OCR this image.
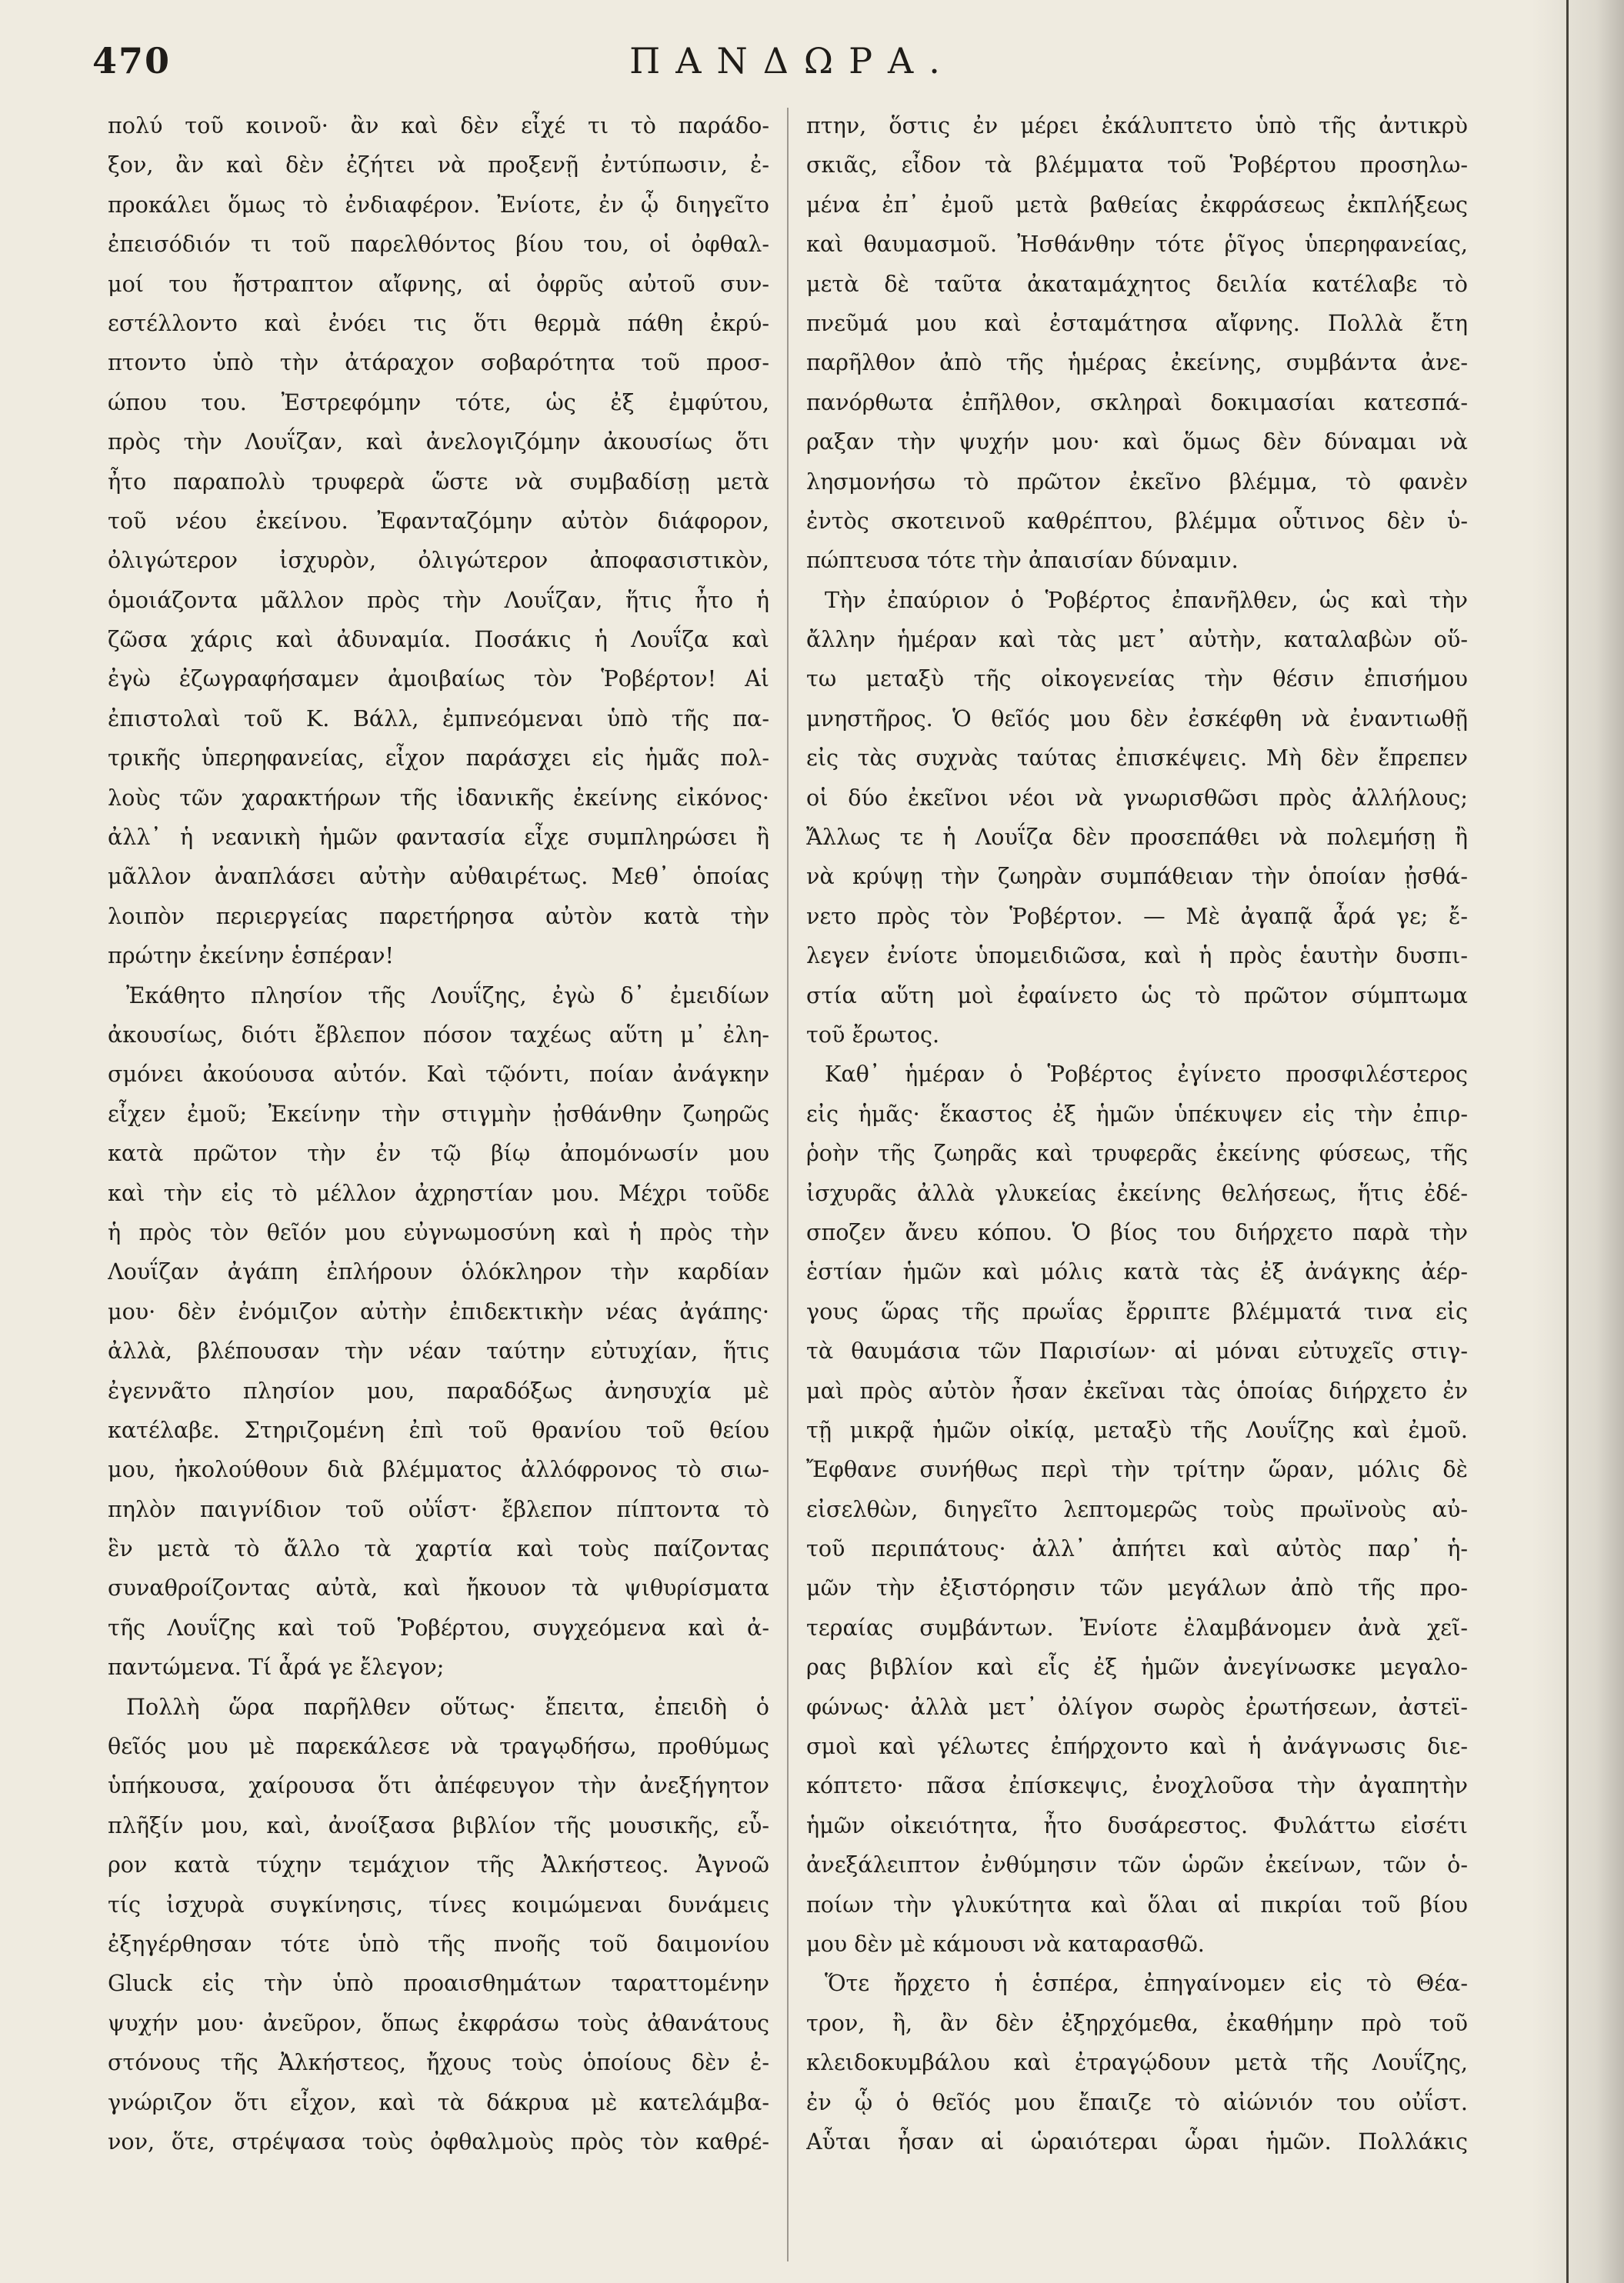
470	ΠΑΝΔΩΡΑ.
πολύ τοῦ κοινοῦ· ἂν καὶ δὲν εἶχέ τι τὸ παράδο-
ξον, ἂν καὶ δὲν ἐζήτει νὰ προξενῇ ἐντύπωσιν, ἐ-
προκάλει ὅμως τὸ ἐνδιαφέρον. Ἐνίοτε, ἐν ᾧ διηγεῖτο
ἐπεισόδιόν τι τοῦ παρελθόντος βίου του, οἱ ὀφθαλ-
μοί του ἤστραπτον αἴφνης, αἱ ὀφρῦς αὐτοῦ συν-
εστέλλοντο καὶ ἐνόει τις ὅτι θερμὰ πάθη ἐκρύ-
πτοντο ὑπὸ τὴν ἀτάραχον σοβαρότητα τοῦ προσ-
ώπου του. Ἐστρεφόμην τότε, ὡς ἐξ ἐμφύτου,
πρὸς τὴν Λουΐζαν, καὶ ἀνελογιζόμην ἀκουσίως ὅτι
ἦτο παραπολὺ τρυφερὰ ὥστε νὰ συμβαδίσῃ μετὰ
τοῦ νέου ἐκείνου. Ἐφανταζόμην αὐτὸν διάφορον,
ὀλιγώτερον ἰσχυρὸν, ὀλιγώτερον ἀποφασιστικὸν,
ὁμοιάζοντα μᾶλλον πρὸς τὴν Λουΐζαν, ἥτις ἦτο ἡ
ζῶσα χάρις καὶ ἀδυναμία. Ποσάκις ἡ Λουΐζα καὶ
ἐγὼ ἐζωγραφήσαμεν ἀμοιβαίως τὸν Ῥοβέρτον! Αἱ
ἐπιστολαὶ τοῦ Κ. Βάλλ, ἐμπνεόμεναι ὑπὸ τῆς πα-
τρικῆς ὑπερηφανείας, εἶχον παράσχει εἰς ἡμᾶς πολ-
λοὺς τῶν χαρακτήρων τῆς ἰδανικῆς ἐκείνης εἰκόνος·
ἀλλ᾽ ἡ νεανικὴ ἡμῶν φαντασία εἶχε συμπληρώσει ἢ
μᾶλλον ἀναπλάσει αὐτὴν αὐθαιρέτως. Μεθ᾽ ὁποίας
λοιπὸν περιεργείας παρετήρησα αὐτὸν κατὰ τὴν
πρώτην ἐκείνην ἑσπέραν!
Ἐκάθητο πλησίον τῆς Λουΐζης, ἐγὼ δ᾽ ἐμειδίων
ἀκουσίως, διότι ἔβλεπον πόσον ταχέως αὕτη μ᾽ ἐλη-
σμόνει ἀκούουσα αὐτόν. Καὶ τῷόντι, ποίαν ἀνάγκην
εἶχεν ἐμοῦ; Ἐκείνην τὴν στιγμὴν ᾐσθάνθην ζωηρῶς
κατὰ πρῶτον τὴν ἐν τῷ βίῳ ἀπομόνωσίν μου
καὶ τὴν εἰς τὸ μέλλον ἀχρηστίαν μου. Μέχρι τοῦδε
ἡ πρὸς τὸν θεῖόν μου εὐγνωμοσύνη καὶ ἡ πρὸς τὴν
Λουΐζαν ἀγάπη ἐπλήρουν ὁλόκληρον τὴν καρδίαν
μου· δὲν ἐνόμιζον αὐτὴν ἐπιδεκτικὴν νέας ἀγάπης·
ἀλλὰ, βλέπουσαν τὴν νέαν ταύτην εὐτυχίαν, ἥτις
ἐγεννᾶτο πλησίον μου, παραδόξως ἀνησυχία μὲ
κατέλαβε. Στηριζομένη ἐπὶ τοῦ θρανίου τοῦ θείου
μου, ἠκολούθουν διὰ βλέμματος ἀλλόφρονος τὸ σιω-
πηλὸν παιγνίδιον τοῦ οὐΐστ· ἔβλεπον πίπτοντα τὸ
ἓν μετὰ τὸ ἄλλο τὰ χαρτία καὶ τοὺς παίζοντας
συναθροίζοντας αὐτὰ, καὶ ἤκουον τὰ ψιθυρίσματα
τῆς Λουΐζης καὶ τοῦ Ῥοβέρτου, συγχεόμενα καὶ ἀ-
παντώμενα. Τί ἆρά γε ἔλεγον;
Πολλὴ ὥρα παρῆλθεν οὕτως· ἔπειτα, ἐπειδὴ ὁ
θεῖός μου μὲ παρεκάλεσε νὰ τραγῳδήσω, προθύμως
ὑπήκουσα, χαίρουσα ὅτι ἀπέφευγον τὴν ἀνεξήγητον
πλῆξίν μου, καὶ, ἀνοίξασα βιβλίον τῆς μουσικῆς, εὗ-
ρον κατὰ τύχην τεμάχιον τῆς Ἀλκήστεος. Ἀγνοῶ
τίς ἰσχυρὰ συγκίνησις, τίνες κοιμώμεναι δυνάμεις
ἐξηγέρθησαν τότε ὑπὸ τῆς πνοῆς τοῦ δαιμονίου
Gluck εἰς τὴν ὑπὸ προαισθημάτων ταραττομένην
ψυχήν μου· ἀνεῦρον, ὅπως ἐκφράσω τοὺς ἀθανάτους
στόνους τῆς Ἀλκήστεος, ἤχους τοὺς ὁποίους δὲν ἐ-
γνώριζον ὅτι εἶχον, καὶ τὰ δάκρυα μὲ κατελάμβα-
νον, ὅτε, στρέψασα τοὺς ὀφθαλμοὺς πρὸς τὸν καθρέ-
πτην, ὅστις ἐν μέρει ἐκάλυπτετο ὑπὸ τῆς ἀντικρὺ
σκιᾶς, εἶδον τὰ βλέμματα τοῦ Ῥοβέρτου προσηλω-
μένα ἐπ᾽ ἐμοῦ μετὰ βαθείας ἐκφράσεως ἐκπλήξεως
καὶ θαυμασμοῦ. Ἠσθάνθην τότε ῥῖγος ὑπερηφανείας,
μετὰ δὲ ταῦτα ἀκαταμάχητος δειλία κατέλαβε τὸ
πνεῦμά μου καὶ ἐσταμάτησα αἴφνης. Πολλὰ ἔτη
παρῆλθον ἀπὸ τῆς ἡμέρας ἐκείνης, συμβάντα ἀνε-
πανόρθωτα ἐπῆλθον, σκληραὶ δοκιμασίαι κατεσπά-
ραξαν τὴν ψυχήν μου· καὶ ὅμως δὲν δύναμαι νὰ
λησμονήσω τὸ πρῶτον ἐκεῖνο βλέμμα, τὸ φανὲν
ἐντὸς σκοτεινοῦ καθρέπτου, βλέμμα οὗτινος δὲν ὑ-
πώπτευσα τότε τὴν ἀπαισίαν δύναμιν.
Τὴν ἐπαύριον ὁ Ῥοβέρτος ἐπανῆλθεν, ὡς καὶ τὴν
ἄλλην ἡμέραν καὶ τὰς μετ᾽ αὐτὴν, καταλαβὼν οὕ-
τω μεταξὺ τῆς οἰκογενείας τὴν θέσιν ἐπισήμου
μνηστῆρος. Ὁ θεῖός μου δὲν ἐσκέφθη νὰ ἐναντιωθῇ
εἰς τὰς συχνὰς ταύτας ἐπισκέψεις. Μὴ δὲν ἔπρεπεν
οἱ δύο ἐκεῖνοι νέοι νὰ γνωρισθῶσι πρὸς ἀλλήλους;
Ἄλλως τε ἡ Λουΐζα δὲν προσεπάθει νὰ πολεμήσῃ ἢ
νὰ κρύψῃ τὴν ζωηρὰν συμπάθειαν τὴν ὁποίαν ᾐσθά-
νετο πρὸς τὸν Ῥοβέρτον. — Μὲ ἀγαπᾷ ἆρά γε; ἔ-
λεγεν ἐνίοτε ὑπομειδιῶσα, καὶ ἡ πρὸς ἑαυτὴν δυσπι-
στία αὕτη μοὶ ἐφαίνετο ὡς τὸ πρῶτον σύμπτωμα
τοῦ ἔρωτος.
Καθ᾽ ἡμέραν ὁ Ῥοβέρτος ἐγίνετο προσφιλέστερος
εἰς ἡμᾶς· ἕκαστος ἐξ ἡμῶν ὑπέκυψεν εἰς τὴν ἐπιρ-
ῥοὴν τῆς ζωηρᾶς καὶ τρυφερᾶς ἐκείνης φύσεως, τῆς
ἰσχυρᾶς ἀλλὰ γλυκείας ἐκείνης θελήσεως, ἥτις ἐδέ-
σποζεν ἄνευ κόπου. Ὁ βίος του διήρχετο παρὰ τὴν
ἑστίαν ἡμῶν καὶ μόλις κατὰ τὰς ἐξ ἀνάγκης ἀέρ-
γους ὥρας τῆς πρωΐας ἔρριπτε βλέμματά τινα εἰς
τὰ θαυμάσια τῶν Παρισίων· αἱ μόναι εὐτυχεῖς στιγ-
μαὶ πρὸς αὐτὸν ἦσαν ἐκεῖναι τὰς ὁποίας διήρχετο ἐν
τῇ μικρᾷ ἡμῶν οἰκίᾳ, μεταξὺ τῆς Λουΐζης καὶ ἐμοῦ.
Ἔφθανε συνήθως περὶ τὴν τρίτην ὥραν, μόλις δὲ
εἰσελθὼν, διηγεῖτο λεπτομερῶς τοὺς πρωϊνοὺς αὐ-
τοῦ περιπάτους· ἀλλ᾽ ἀπήτει καὶ αὐτὸς παρ᾽ ἡ-
μῶν τὴν ἐξιστόρησιν τῶν μεγάλων ἀπὸ τῆς προ-
τεραίας συμβάντων. Ἐνίοτε ἐλαμβάνομεν ἀνὰ χεῖ-
ρας βιβλίον καὶ εἷς ἐξ ἡμῶν ἀνεγίνωσκε μεγαλο-
φώνως· ἀλλὰ μετ᾽ ὀλίγον σωρὸς ἐρωτήσεων, ἀστεϊ-
σμοὶ καὶ γέλωτες ἐπήρχοντο καὶ ἡ ἀνάγνωσις διε-
κόπτετο· πᾶσα ἐπίσκεψις, ἐνοχλοῦσα τὴν ἀγαπητὴν
ἡμῶν οἰκειότητα, ἦτο δυσάρεστος. Φυλάττω εἰσέτι
ἀνεξάλειπτον ἐνθύμησιν τῶν ὡρῶν ἐκείνων, τῶν ὁ-
ποίων τὴν γλυκύτητα καὶ ὅλαι αἱ πικρίαι τοῦ βίου
μου δὲν μὲ κάμουσι νὰ καταρασθῶ.
Ὅτε ἤρχετο ἡ ἑσπέρα, ἐπηγαίνομεν εἰς τὸ Θέα-
τρον, ἢ, ἂν δὲν ἐξηρχόμεθα, ἐκαθήμην πρὸ τοῦ
κλειδοκυμβάλου καὶ ἐτραγῴδουν μετὰ τῆς Λουΐζης,
ἐν ᾧ ὁ θεῖός μου ἔπαιζε τὸ αἰώνιόν του οὐΐστ.
Αὗται ἦσαν αἱ ὡραιότεραι ὧραι ἡμῶν. Πολλάκις
